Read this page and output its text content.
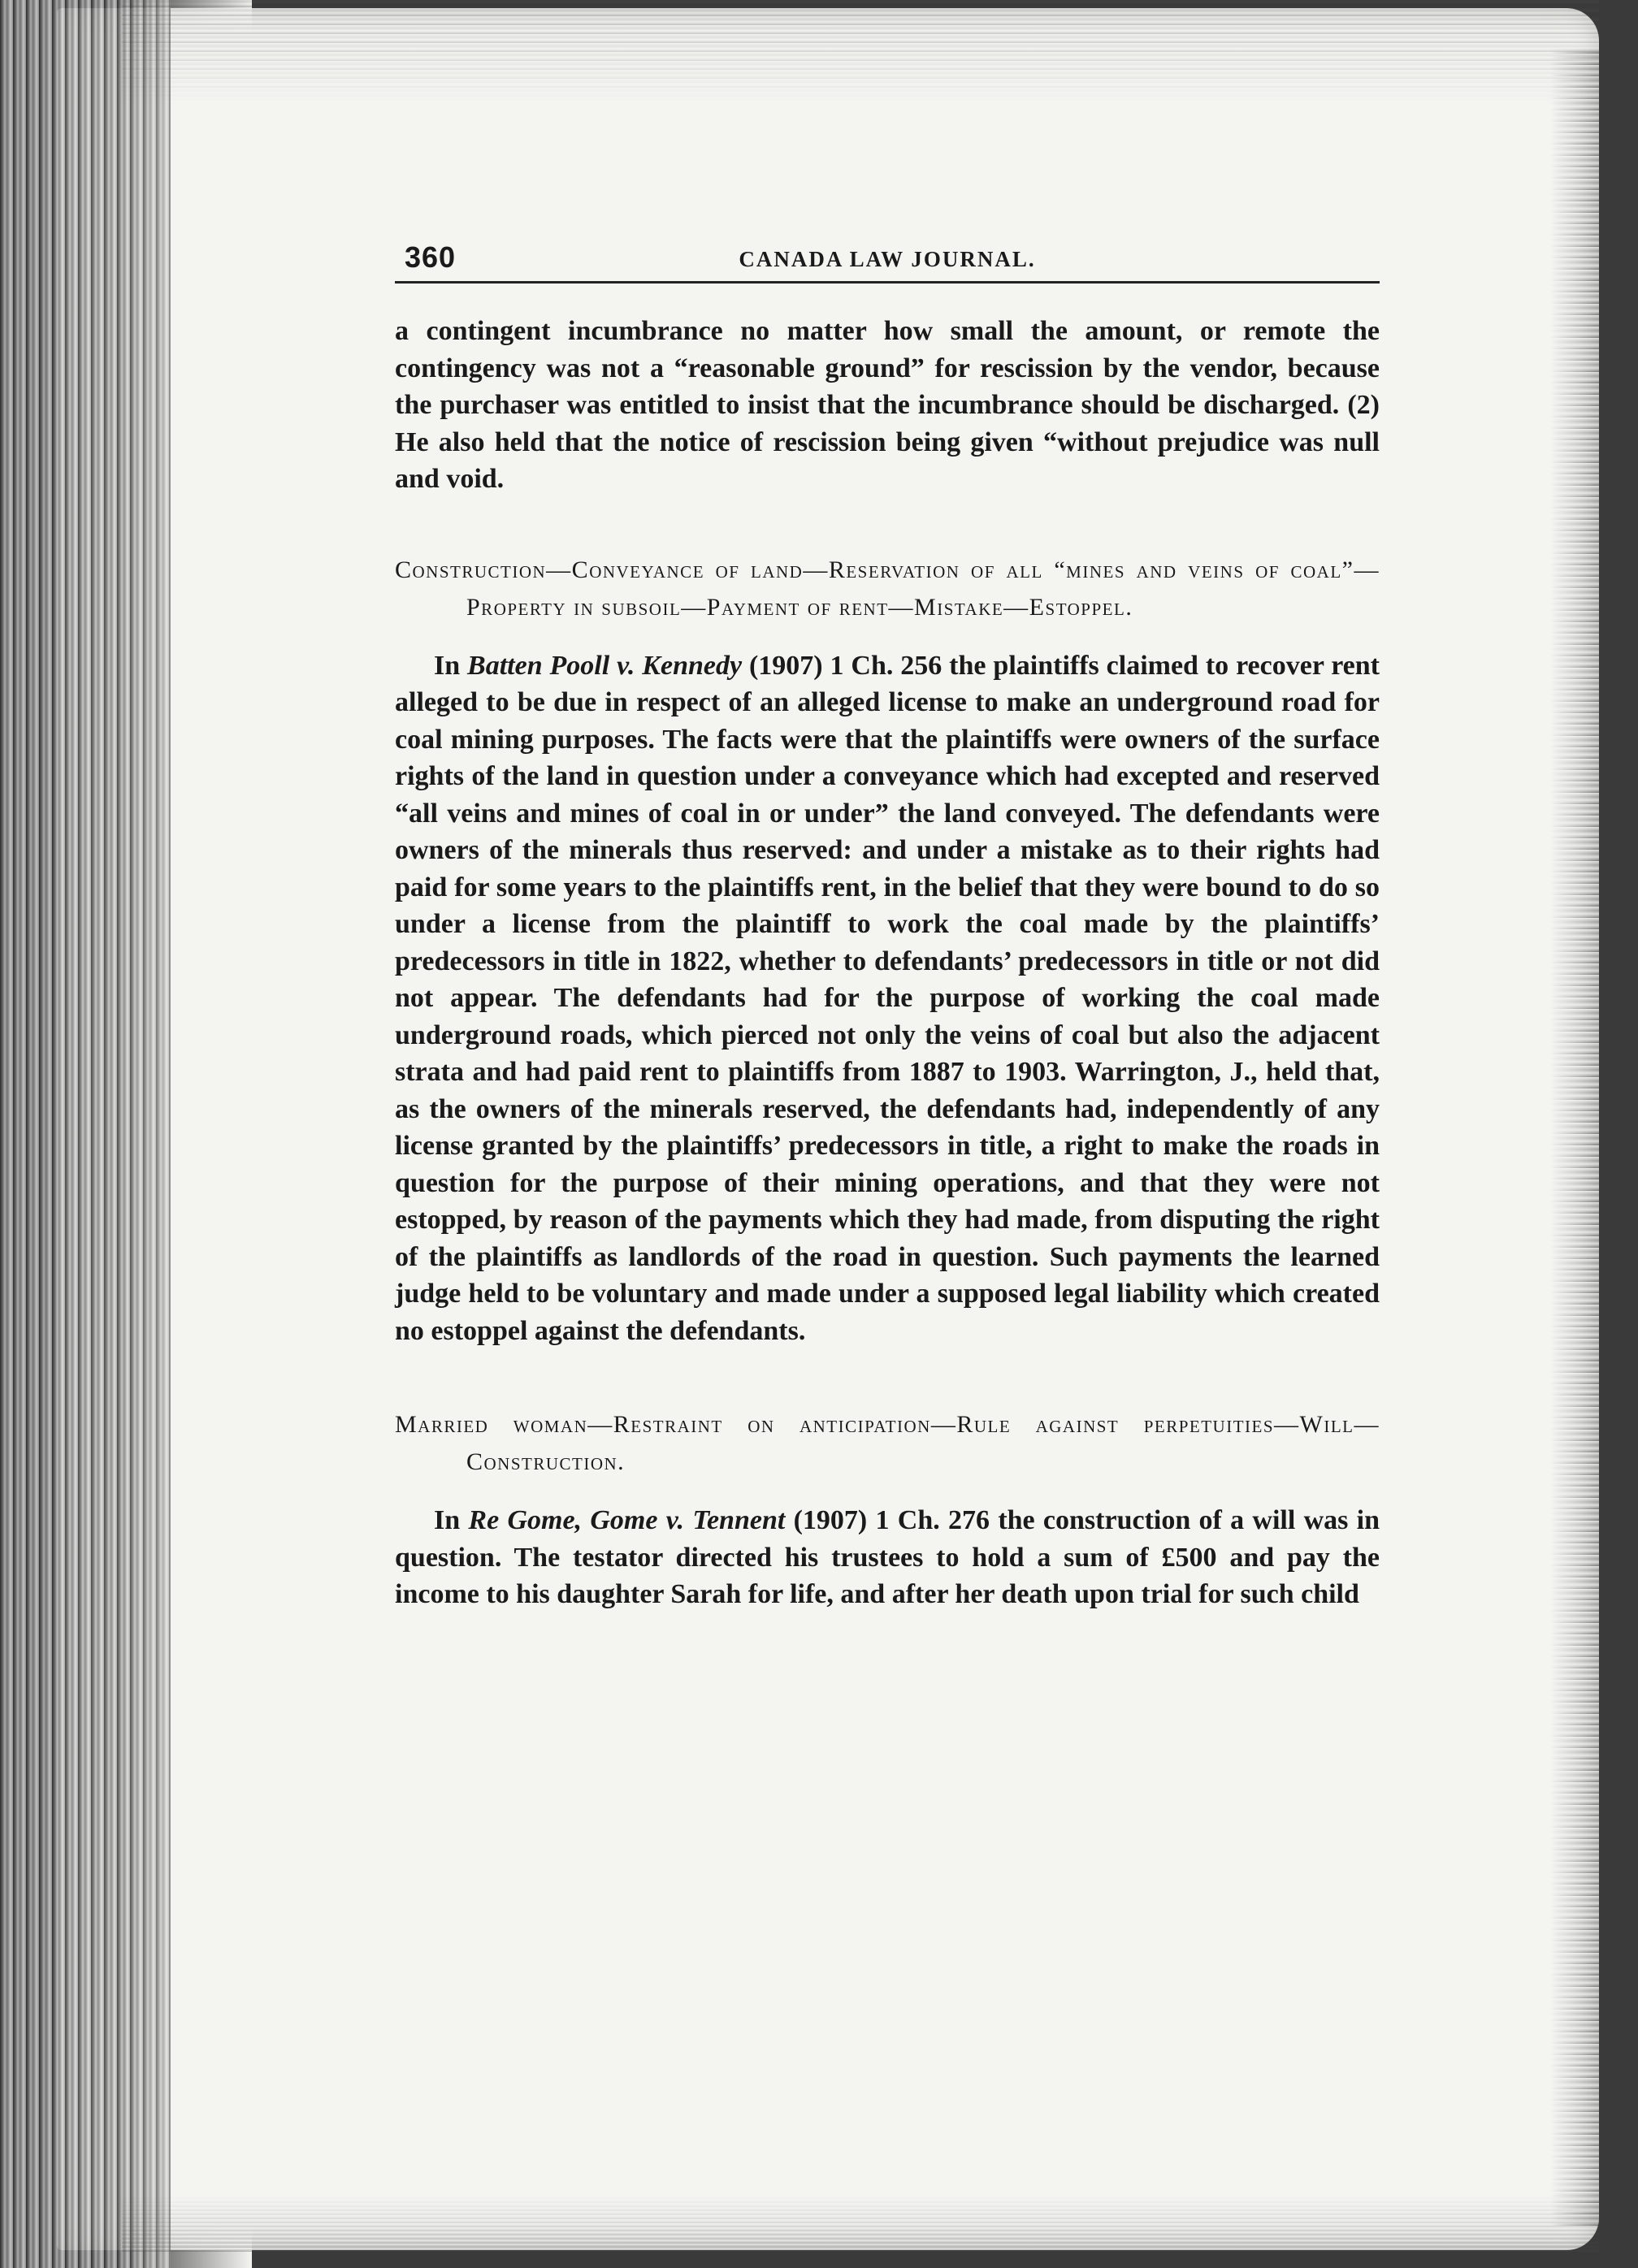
360	CANADA LAW JOURNAL.

a contingent incumbrance no matter how small the amount, or remote the contingency was not a “reasonable ground” for rescission by the vendor, because the purchaser was entitled to insist that the incumbrance should be discharged. (2) He also held that the notice of rescission being given “without prejudice was null and void.

Construction—Conveyance of land—Reservation of all “mines and veins of coal”—Property in subsoil—Payment of rent—Mistake—Estoppel.

In Batten Pooll v. Kennedy (1907) 1 Ch. 256 the plaintiffs claimed to recover rent alleged to be due in respect of an alleged license to make an underground road for coal mining purposes. The facts were that the plaintiffs were owners of the surface rights of the land in question under a conveyance which had excepted and reserved “all veins and mines of coal in or under” the land conveyed. The defendants were owners of the minerals thus reserved: and under a mistake as to their rights had paid for some years to the plaintiffs rent, in the belief that they were bound to do so under a license from the plaintiff to work the coal made by the plaintiffs’ predecessors in title in 1822, whether to defendants’ predecessors in title or not did not appear. The defendants had for the purpose of working the coal made underground roads, which pierced not only the veins of coal but also the adjacent strata and had paid rent to plaintiffs from 1887 to 1903. Warrington, J., held that, as the owners of the minerals reserved, the defendants had, independently of any license granted by the plaintiffs’ predecessors in title, a right to make the roads in question for the purpose of their mining operations, and that they were not estopped, by reason of the payments which they had made, from disputing the right of the plaintiffs as landlords of the road in question. Such payments the learned judge held to be voluntary and made under a supposed legal liability which created no estoppel against the defendants.

Married woman—Restraint on anticipation—Rule against perpetuities—Will—Construction.

In Re Gome, Gome v. Tennent (1907) 1 Ch. 276 the construction of a will was in question. The testator directed his trustees to hold a sum of £500 and pay the income to his daughter Sarah for life, and after her death upon trial for such child
